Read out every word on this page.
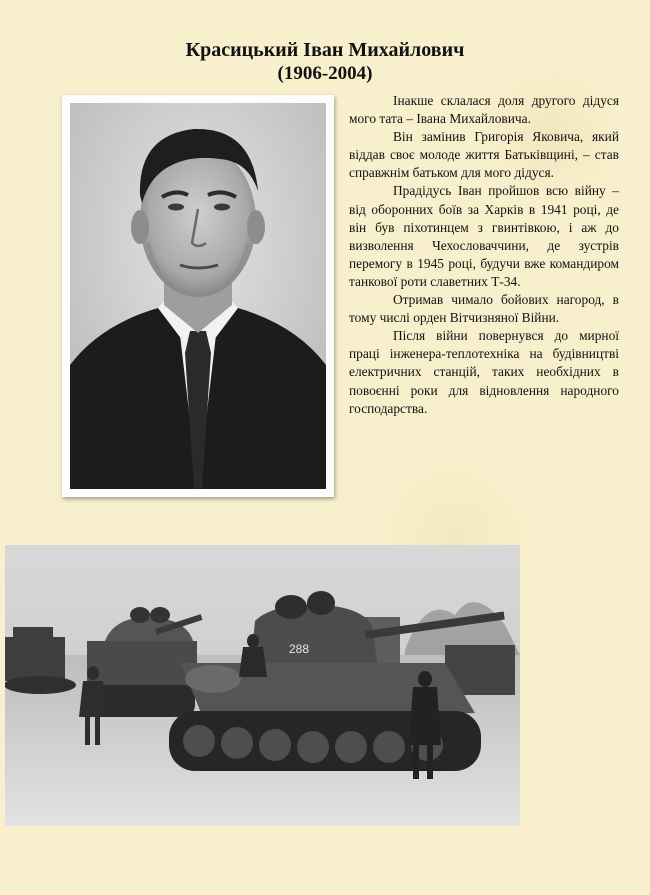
Красицький Іван Михайлович
(1906-2004)

Інакше склалася доля другого дідуся мого тата – Івана Михайловича.

Він замінив Григорія Яковича, який віддав своє молоде життя Батьківщині, – став справжнім батьком для мого дідуся.

Прадідусь Іван пройшов всю війну – від оборонних боїв за Харків в 1941 році, де він був піхотинцем з гвинтівкою, і аж до визволення Чехословаччини, де зустрів перемогу в 1945 році, будучи вже командиром танкової роти славетних Т-34.

Отримав чимало бойових нагород, в тому числі орден Вітчизняної Війни.

Після війни повернувся до мирної праці інженера-теплотехніка на будівництві електричних станцій, таких необхідних в повоєнні роки для відновлення народного господарства.

288
